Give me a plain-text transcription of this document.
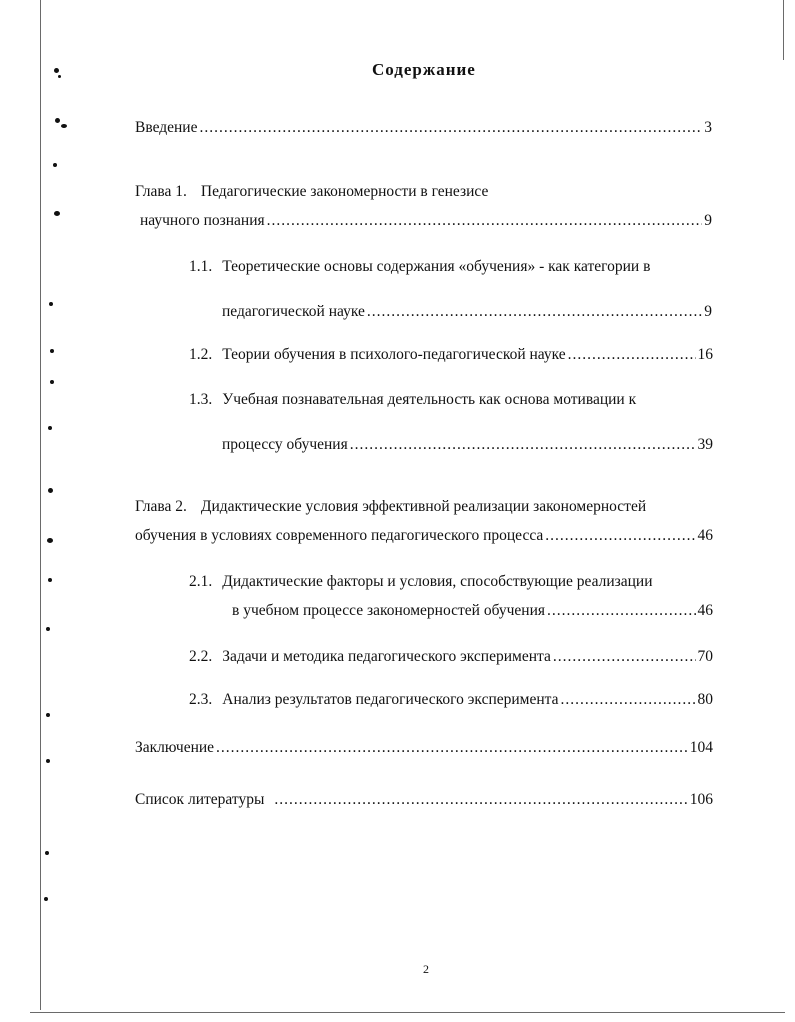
Содержание
Введение .....	3
Глава 1. Педагогические закономерности в генезисе
научного познания .....	9
1.1. Теоретические основы содержания «обучения» - как категории в
педагогической науке .....	9
1.2. Теории обучения в психолого-педагогической науке .....	16
1.3. Учебная познавательная деятельность как основа мотивации к
процессу обучения .....	39
Глава 2. Дидактические условия эффективной реализации закономерностей
обучения в условиях современного педагогического процесса .....	46
2.1. Дидактические факторы и условия, способствующие реализации
в учебном процессе закономерностей обучения .....	46
2.2. Задачи и методика педагогического эксперимента .....	70
2.3. Анализ результатов педагогического эксперимента .....	80
Заключение .....	104
Список литературы .....	106
2
